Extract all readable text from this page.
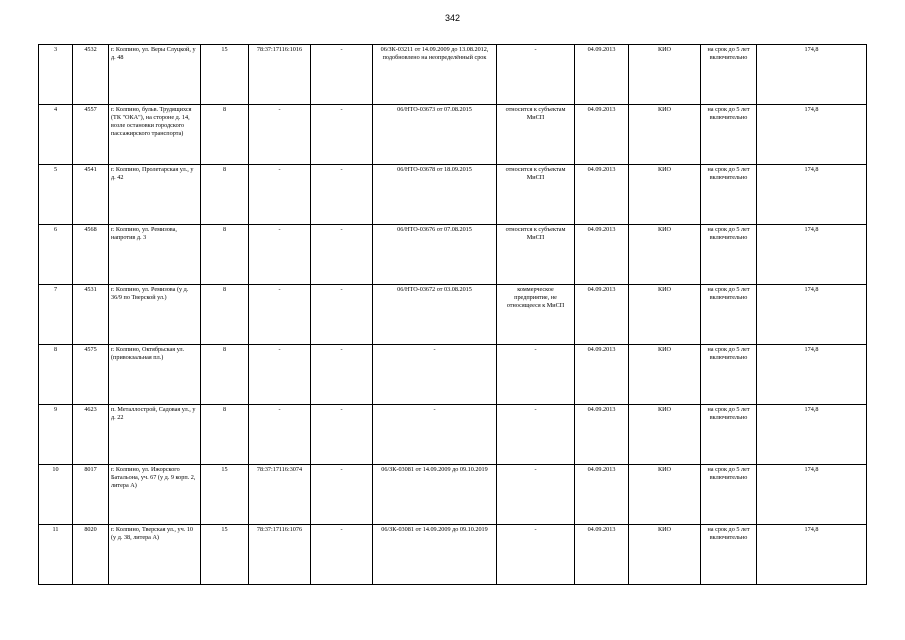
342
3	4532	г. Колпино, ул. Веры Слуцкой, у д. 48	15	78:37:17116:1016	-	06/ЗК-03211 от 14.09.2009 до 13.08.2012, подобновлено на неопределённый срок	-	04.09.2013	КИО	на срок до 5 лет включительно	174,8
4	4557	г. Колпино, бульв. Трудящихся (ТК "ОКА"), на стороне д. 14, возле остановки городского пассажирского транспорта)	8	-	-	06/НТО-03673 от 07.08.2015	относится к субъектам МиСП	04.09.2013	КИО	на срок до 5 лет включительно	174,8
5	4541	г. Колпино, Пролетарская ул., у д. 42	8	-	-	06/НТО-03678 от 18.09.2015	относится к субъектам МиСП	04.09.2013	КИО	на срок до 5 лет включительно	174,8
6	4568	г. Колпино, ул. Ремизова, напротив д. 3	8	-	-	06/НТО-03676 от 07.08.2015	относится к субъектам МиСП	04.09.2013	КИО	на срок до 5 лет включительно	174,8
7	4531	г. Колпино, ул. Ремизова (у д. 36/9 по Тверской ул.)	8	-	-	06/НТО-03672 от 03.08.2015	коммерческое предприятие, не относящееся к МиСП	04.09.2013	КИО	на срок до 5 лет включительно	174,8
8	4575	г. Колпино, Октябрьская ул. (привокзальная пл.)	8	-	-	-	-	04.09.2013	КИО	на срок до 5 лет включительно	174,8
9	4623	п. Металлострой, Садовая ул., у д. 22	8	-	-	-	-	04.09.2013	КИО	на срок до 5 лет включительно	174,8
10	8017	г. Колпино, ул. Ижорского Батальона, уч. 67 (у д. 9 корп. 2, литера А)	15	78:37:17116:3074	-	06/ЗК-03081 от 14.09.2009 до 09.10.2019	-	04.09.2013	КИО	на срок до 5 лет включительно	174,8
11	8020	г. Колпино, Тверская ул., уч. 10 (у д. 38, литера А)	15	78:37:17116:1076	-	06/ЗК-03081 от 14.09.2009 до 09.10.2019	-	04.09.2013	КИО	на срок до 5 лет включительно	174,8
